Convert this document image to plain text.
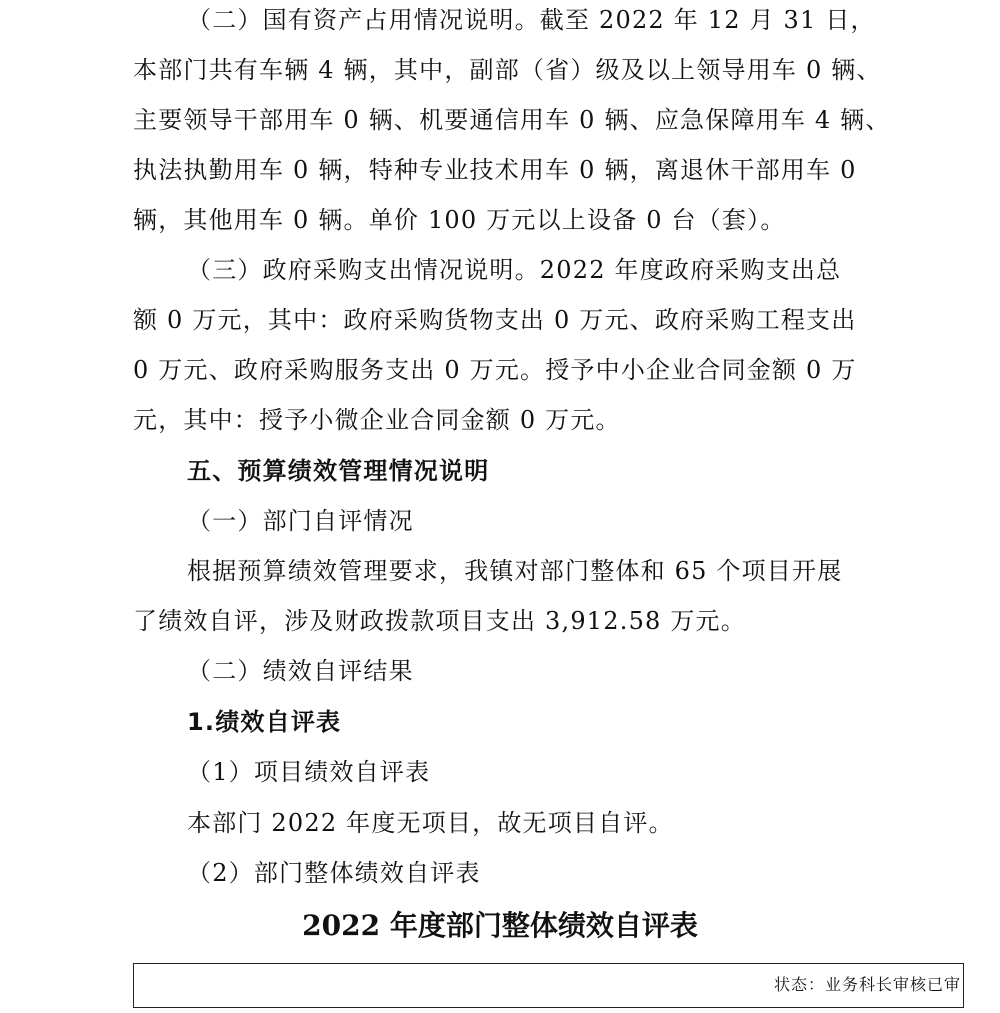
（二）国有资产占用情况说明。截至 2022 年 12 月 31 日，
本部门共有车辆 4 辆，其中，副部（省）级及以上领导用车 0 辆、
主要领导干部用车 0 辆、机要通信用车 0 辆、应急保障用车 4 辆、
执法执勤用车 0 辆，特种专业技术用车 0 辆，离退休干部用车 0
辆，其他用车 0 辆。单价 100 万元以上设备 0 台（套）。
（三）政府采购支出情况说明。2022 年度政府采购支出总
额 0 万元，其中：政府采购货物支出 0 万元、政府采购工程支出
0 万元、政府采购服务支出 0 万元。授予中小企业合同金额 0 万
元，其中：授予小微企业合同金额 0 万元。
五、预算绩效管理情况说明
（一）部门自评情况
根据预算绩效管理要求，我镇对部门整体和 65 个项目开展
了绩效自评，涉及财政拨款项目支出 3,912.58 万元。
（二）绩效自评结果
1.绩效自评表
（1）项目绩效自评表
本部门 2022 年度无项目，故无项目自评。
（2）部门整体绩效自评表
2022 年度部门整体绩效自评表
状态：业务科长审核已审
